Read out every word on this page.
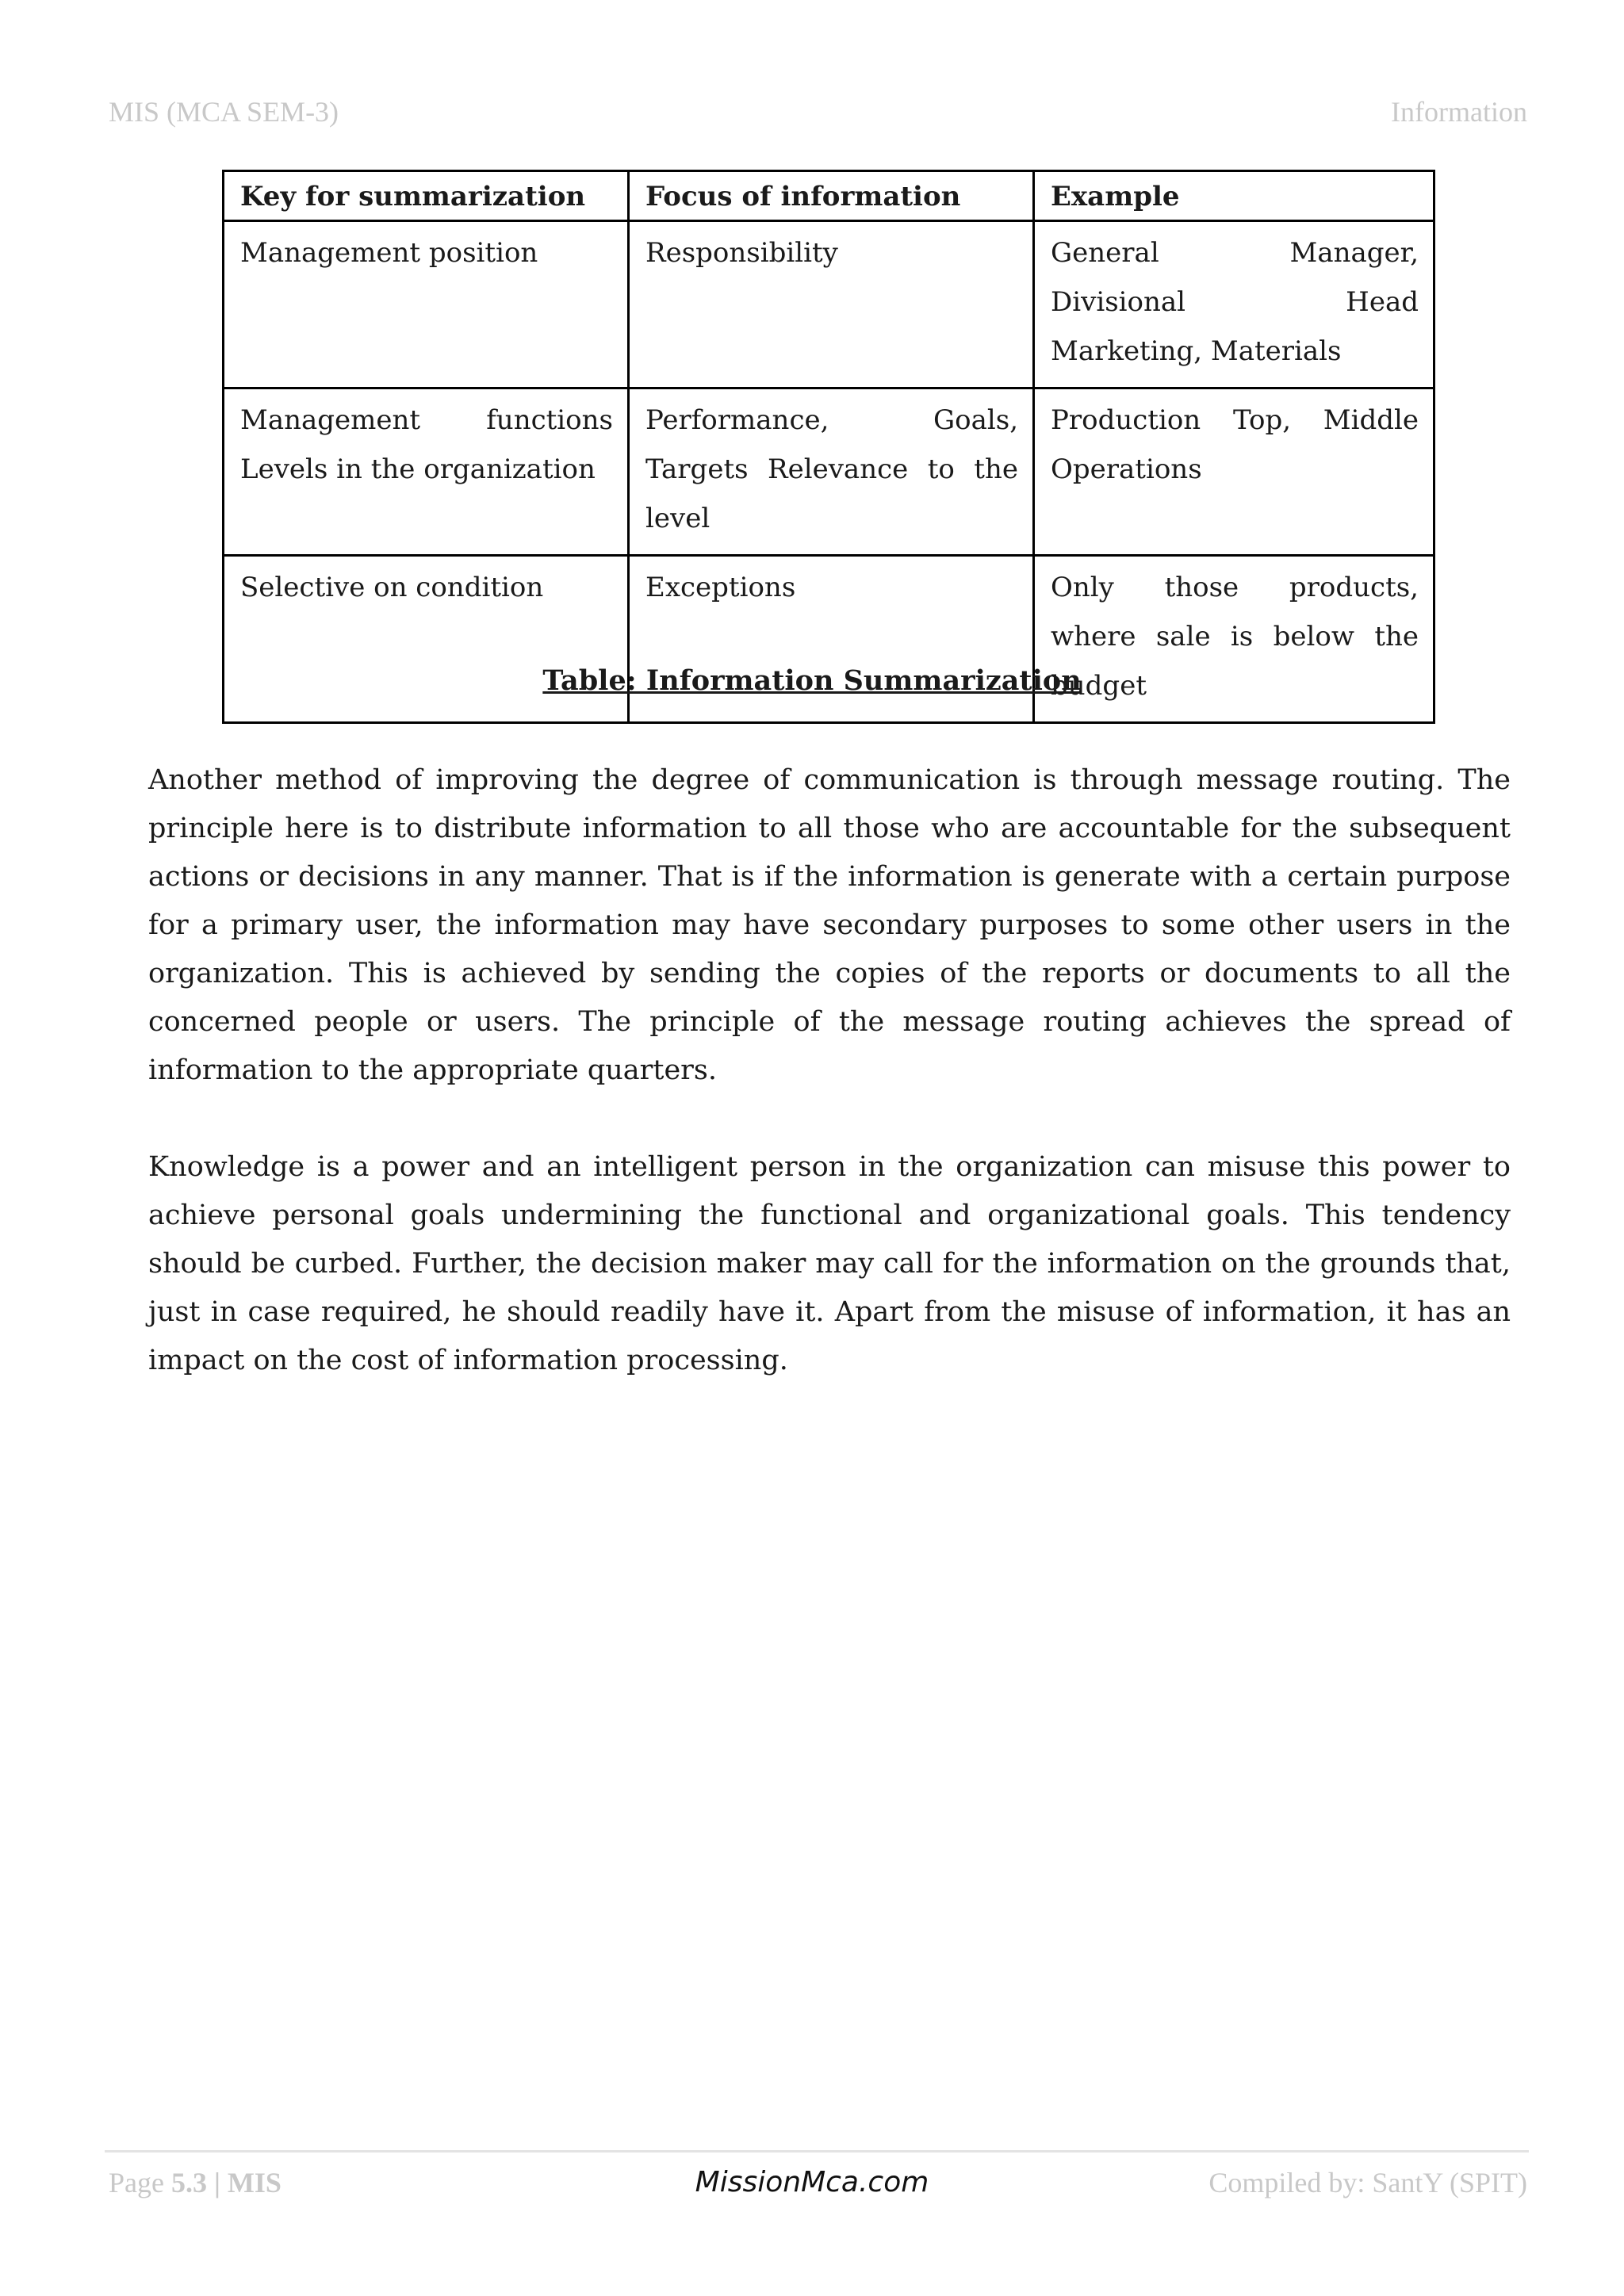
MIS (MCA SEM-3)	Information
Key for summarization	Focus of information	Example
Management position	Responsibility	General Manager, Divisional Head Marketing, Materials
Management functions Levels in the organization	Performance, Goals, Targets Relevance to the level	Production Top, Middle Operations
Selective on condition	Exceptions	Only those products, where sale is below the budget
Table: Information Summarization

Another method of improving the degree of communication is through message routing. The principle here is to distribute information to all those who are accountable for the subsequent actions or decisions in any manner. That is if the information is generate with a certain purpose for a primary user, the information may have secondary purposes to some other users in the organization. This is achieved by sending the copies of the reports or documents to all the concerned people or users. The principle of the message routing achieves the spread of information to the appropriate quarters.

Knowledge is a power and an intelligent person in the organization can misuse this power to achieve personal goals undermining the functional and organizational goals. This tendency should be curbed. Further, the decision maker may call for the information on the grounds that, just in case required, he should readily have it. Apart from the misuse of information, it has an impact on the cost of information processing.

Page 5.3 | MIS	MissionMca.com	Compiled by: SantY (SPIT)
